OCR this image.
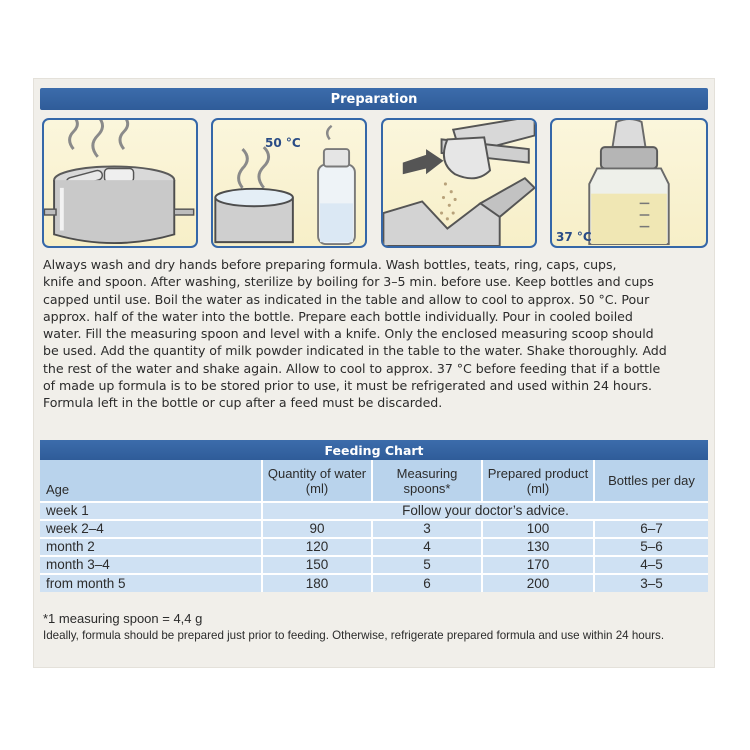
Preparation
50 °C
37 °C
Always wash and dry hands before preparing formula. Wash bottles, teats, ring, caps, cups,
knife and spoon. After washing, sterilize by boiling for 3–5 min. before use. Keep bottles and cups
capped until use. Boil the water as indicated in the table and allow to cool to approx. 50 °C. Pour
approx. half of the water into the bottle. Prepare each bottle individually. Pour in cooled boiled
water. Fill the measuring spoon and level with a knife. Only the enclosed measuring scoop should
be used. Add the quantity of milk powder indicated in the table to the water. Shake thoroughly. Add
the rest of the water and shake again. Allow to cool to approx. 37 °C before feeding that if a bottle
of made up formula is to be stored prior to use, it must be refrigerated and used within 24 hours.
Formula left in the bottle or cup after a feed must be discarded.
Feeding Chart
Age	Quantity of water (ml)	Measuring spoons*	Prepared product (ml)	Bottles per day
week 1	Follow your doctor’s advice.			
week 2–4	90	3	100	6–7
month 2	120	4	130	5–6
month 3–4	150	5	170	4–5
from month 5	180	6	200	3–5
*1 measuring spoon = 4,4 g
Ideally, formula should be prepared just prior to feeding. Otherwise, refrigerate prepared formula and use within 24 hours.
